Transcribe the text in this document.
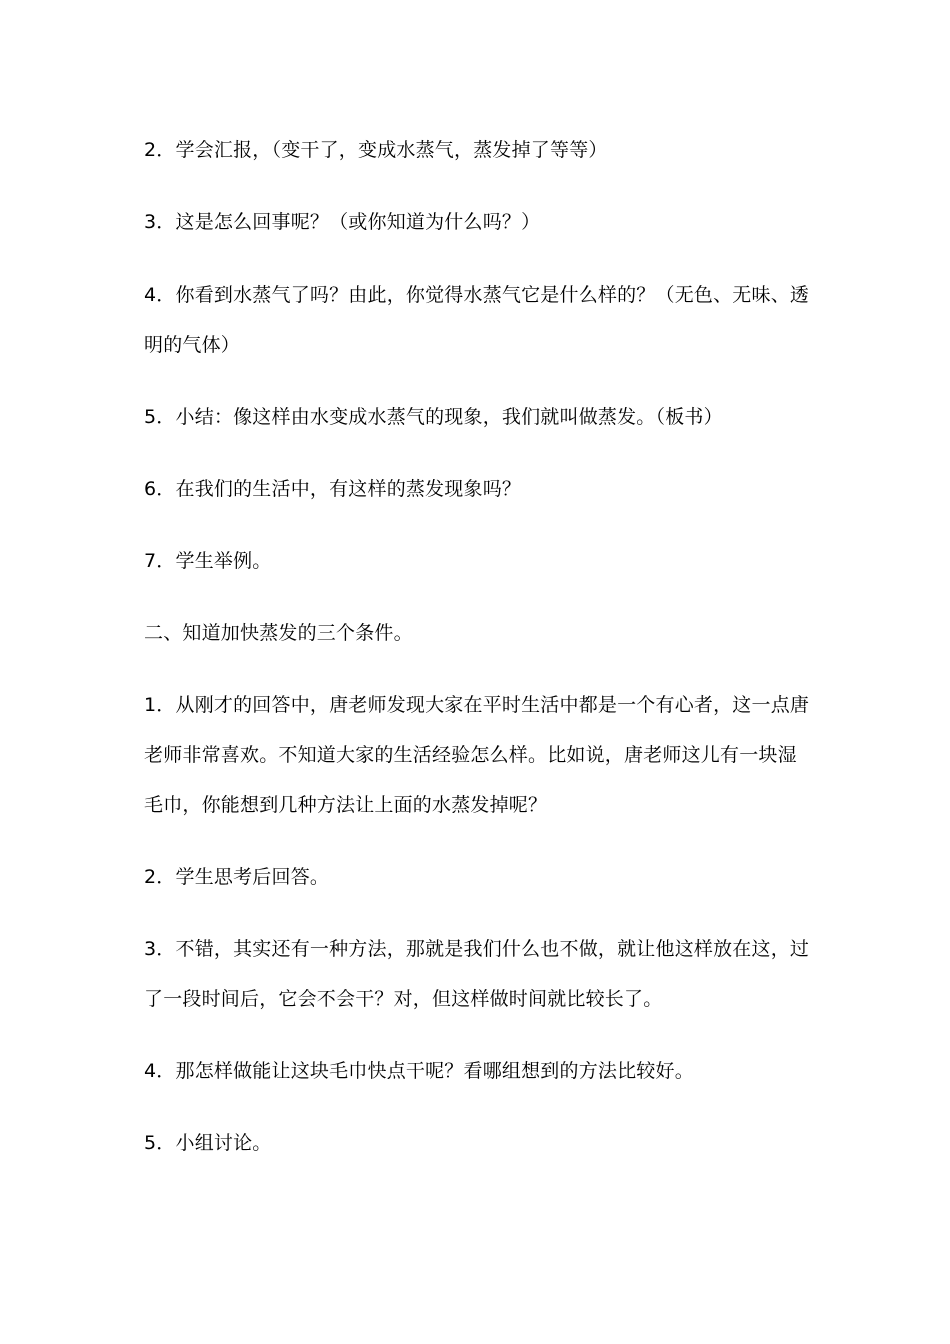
2．学会汇报，（变干了，变成水蒸气，蒸发掉了等等）
3．这是怎么回事呢？（或你知道为什么吗？）
4．你看到水蒸气了吗？由此，你觉得水蒸气它是什么样的？（无色、无味、透
明的气体）
5．小结：像这样由水变成水蒸气的现象，我们就叫做蒸发。（板书）
6．在我们的生活中，有这样的蒸发现象吗？
7．学生举例。
二、知道加快蒸发的三个条件。
1．从刚才的回答中，唐老师发现大家在平时生活中都是一个有心者，这一点唐
老师非常喜欢。不知道大家的生活经验怎么样。比如说，唐老师这儿有一块湿
毛巾，你能想到几种方法让上面的水蒸发掉呢？
2．学生思考后回答。
3．不错，其实还有一种方法，那就是我们什么也不做，就让他这样放在这，过
了一段时间后，它会不会干？对，但这样做时间就比较长了。
4．那怎样做能让这块毛巾快点干呢？看哪组想到的方法比较好。
5．小组讨论。
